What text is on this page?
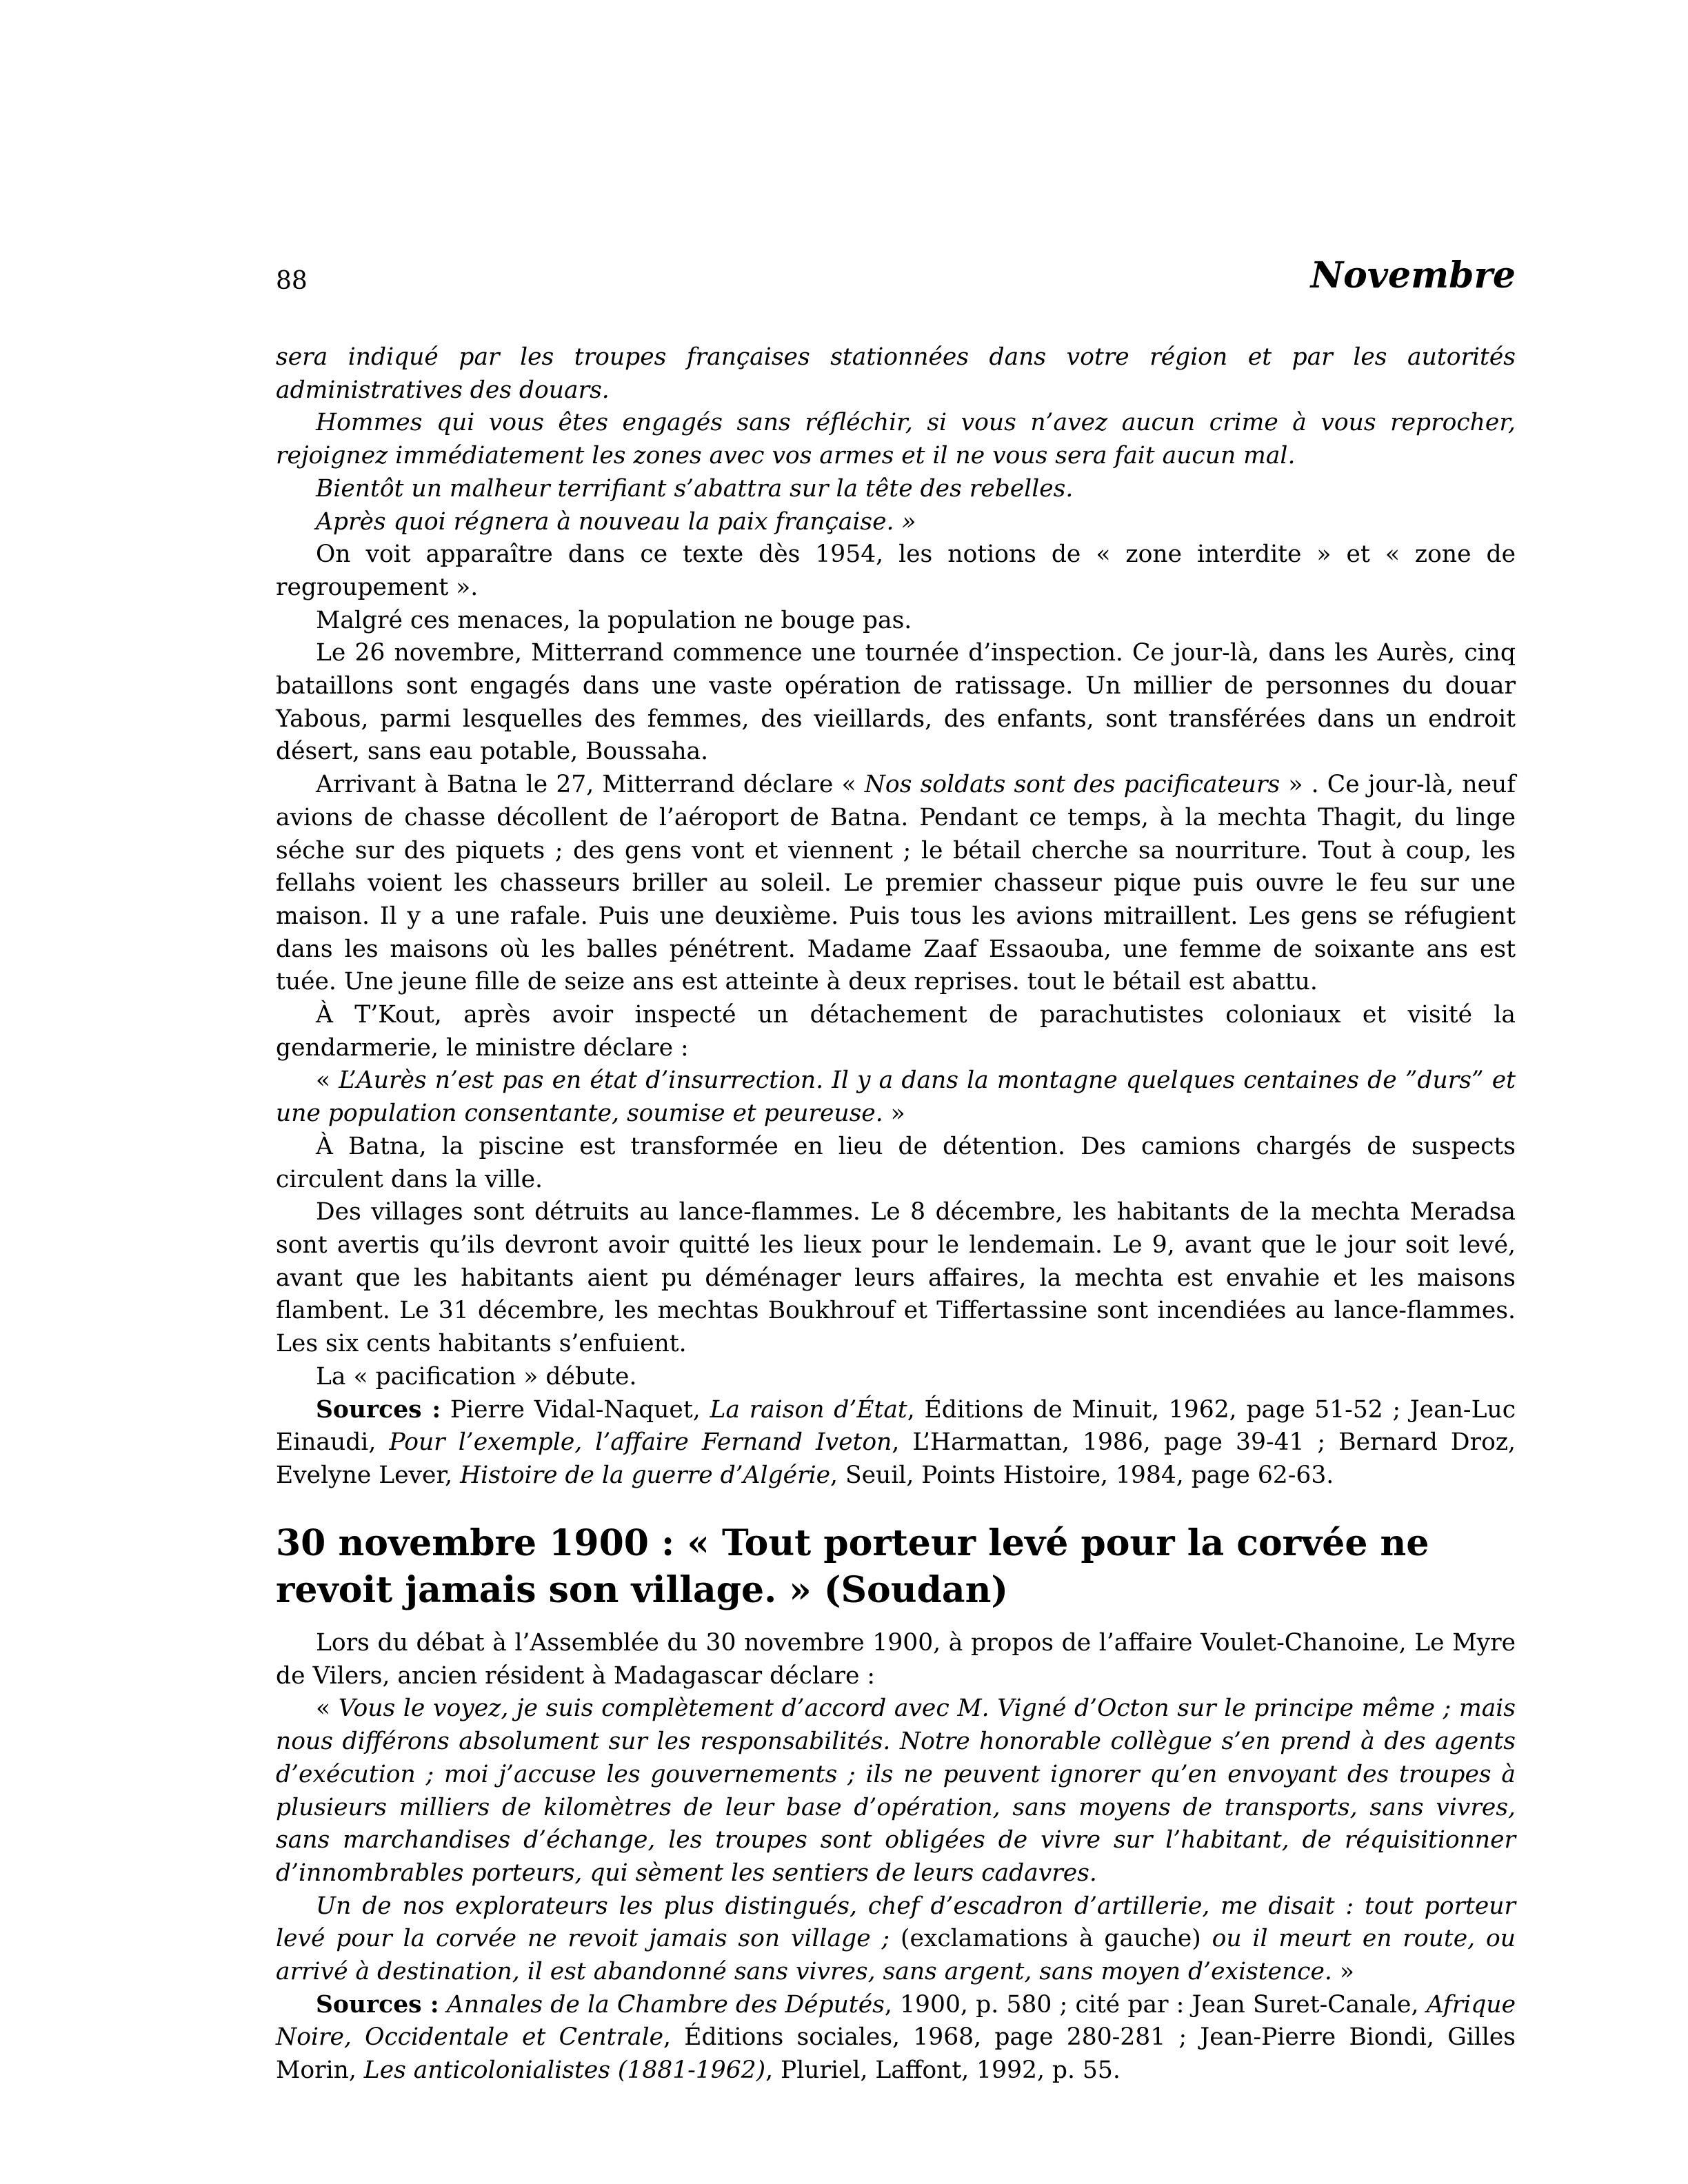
88	Novembre

sera indiqué par les troupes françaises stationnées dans votre région et par les autorités administratives des douars.

Hommes qui vous êtes engagés sans réfléchir, si vous n’avez aucun crime à vous reprocher, rejoignez immédiatement les zones avec vos armes et il ne vous sera fait aucun mal.

Bientôt un malheur terrifiant s’abattra sur la tête des rebelles.

Après quoi régnera à nouveau la paix française. »

On voit apparaître dans ce texte dès 1954, les notions de « zone interdite » et « zone de regroupement ».

Malgré ces menaces, la population ne bouge pas.

Le 26 novembre, Mitterrand commence une tournée d’inspection. Ce jour-là, dans les Aurès, cinq bataillons sont engagés dans une vaste opération de ratissage. Un millier de personnes du douar Yabous, parmi lesquelles des femmes, des vieillards, des enfants, sont transférées dans un endroit désert, sans eau potable, Boussaha.

Arrivant à Batna le 27, Mitterrand déclare « Nos soldats sont des pacificateurs » . Ce jour-là, neuf avions de chasse décollent de l’aéroport de Batna. Pendant ce temps, à la mechta Thagit, du linge séche sur des piquets ; des gens vont et viennent ; le bétail cherche sa nourriture. Tout à coup, les fellahs voient les chasseurs briller au soleil. Le premier chasseur pique puis ouvre le feu sur une maison. Il y a une rafale. Puis une deuxième. Puis tous les avions mitraillent. Les gens se réfugient dans les maisons où les balles pénétrent. Madame Zaaf Essaouba, une femme de soixante ans est tuée. Une jeune fille de seize ans est atteinte à deux reprises. tout le bétail est abattu.

À T’Kout, après avoir inspecté un détachement de parachutistes coloniaux et visité la gendarmerie, le ministre déclare :

« L’Aurès n’est pas en état d’insurrection. Il y a dans la montagne quelques centaines de ”durs” et une population consentante, soumise et peureuse. »

À Batna, la piscine est transformée en lieu de détention. Des camions chargés de suspects circulent dans la ville.

Des villages sont détruits au lance-flammes. Le 8 décembre, les habitants de la mechta Meradsa sont avertis qu’ils devront avoir quitté les lieux pour le lendemain. Le 9, avant que le jour soit levé, avant que les habitants aient pu déménager leurs affaires, la mechta est envahie et les maisons flambent. Le 31 décembre, les mechtas Boukhrouf et Tiffertassine sont incendiées au lance-flammes. Les six cents habitants s’enfuient.

La « pacification » débute.

Sources : Pierre Vidal-Naquet, La raison d’État, Éditions de Minuit, 1962, page 51-52 ; Jean-Luc Einaudi, Pour l’exemple, l’affaire Fernand Iveton, L’Harmattan, 1986, page 39-41 ; Bernard Droz, Evelyne Lever, Histoire de la guerre d’Algérie, Seuil, Points Histoire, 1984, page 62-63.

30 novembre 1900 : « Tout porteur levé pour la corvée ne revoit jamais son village. » (Soudan)

Lors du débat à l’Assemblée du 30 novembre 1900, à propos de l’affaire Voulet-Chanoine, Le Myre de Vilers, ancien résident à Madagascar déclare :

« Vous le voyez, je suis complètement d’accord avec M. Vigné d’Octon sur le principe même ; mais nous différons absolument sur les responsabilités. Notre honorable collègue s’en prend à des agents d’exécution ; moi j’accuse les gouvernements ; ils ne peuvent ignorer qu’en envoyant des troupes à plusieurs milliers de kilomètres de leur base d’opération, sans moyens de transports, sans vivres, sans marchandises d’échange, les troupes sont obligées de vivre sur l’habitant, de réquisitionner d’innombrables porteurs, qui sèment les sentiers de leurs cadavres.

Un de nos explorateurs les plus distingués, chef d’escadron d’artillerie, me disait : tout porteur levé pour la corvée ne revoit jamais son village ; (exclamations à gauche) ou il meurt en route, ou arrivé à destination, il est abandonné sans vivres, sans argent, sans moyen d’existence. »

Sources : Annales de la Chambre des Députés, 1900, p. 580 ; cité par : Jean Suret-Canale, Afrique Noire, Occidentale et Centrale, Éditions sociales, 1968, page 280-281 ; Jean-Pierre Biondi, Gilles Morin, Les anticolonialistes (1881-1962), Pluriel, Laffont, 1992, p. 55.
